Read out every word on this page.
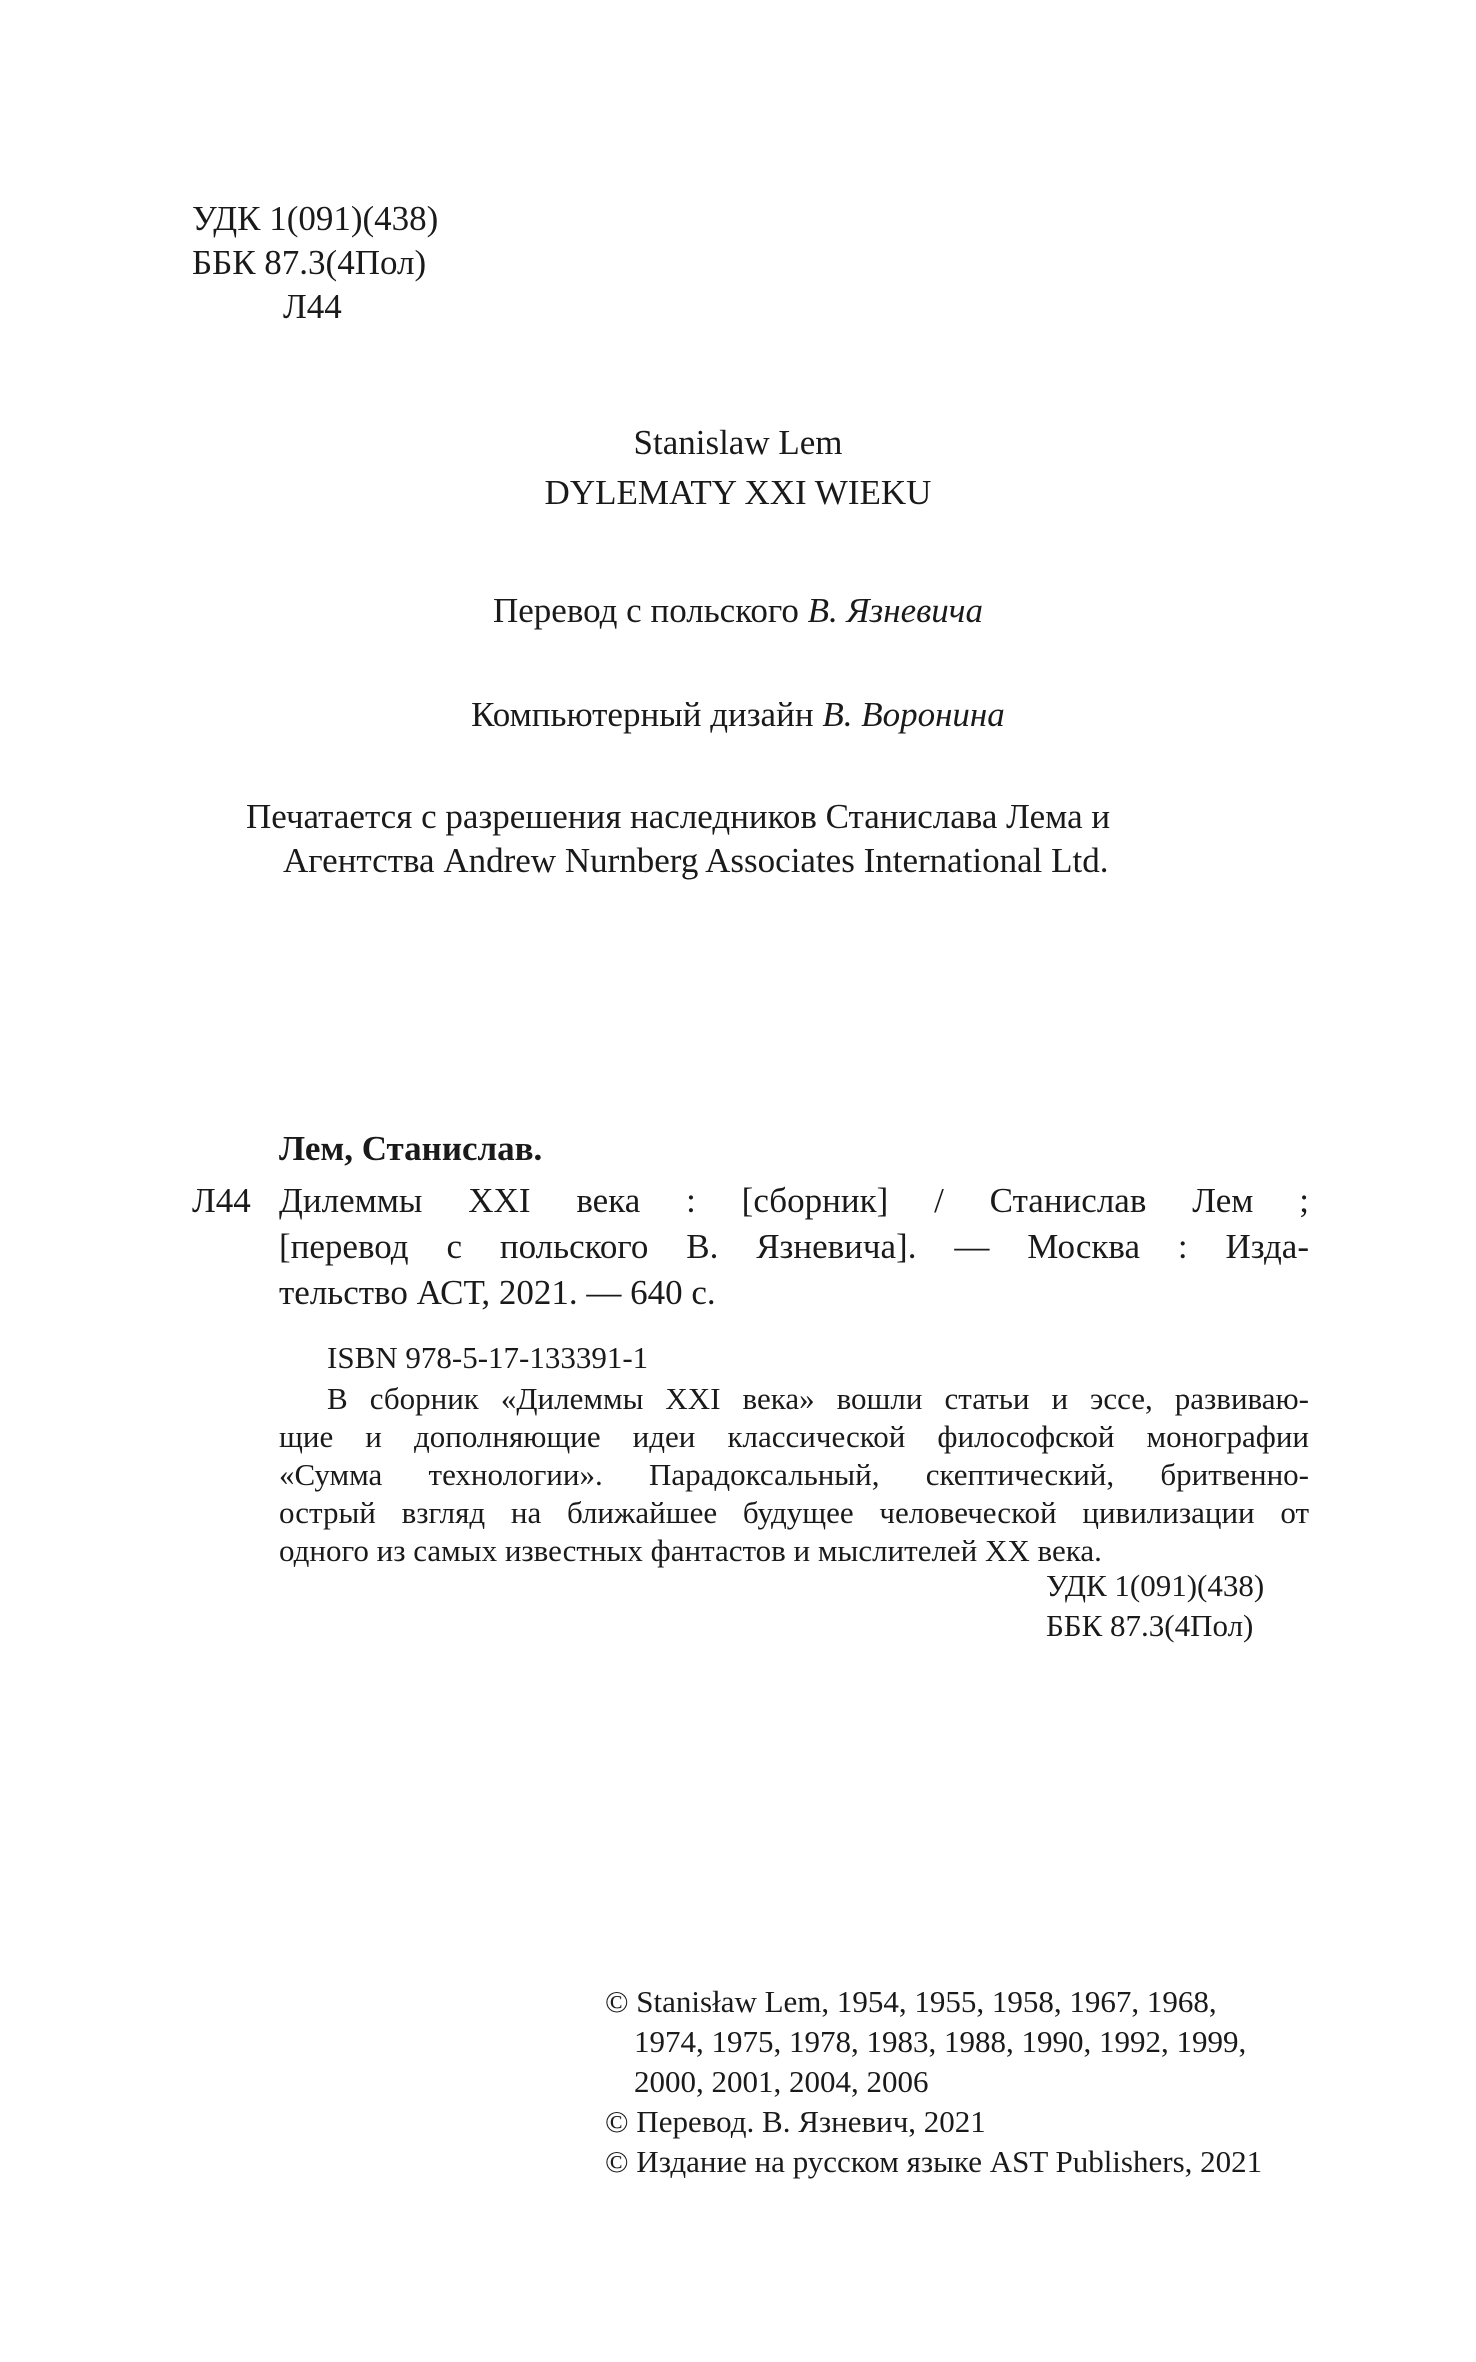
УДК 1(091)(438)
ББК 87.3(4Пол)
Л44
Stanislaw Lem
DYLEMATY XXI WIEKU
Перевод с польского В. Язневича
Компьютерный дизайн В. Воронина
Печатается с разрешения наследников Станислава Лема и
Агентства Andrew Nurnberg Associates International Ltd.
Лем, Станислав.
Л44 Дилеммы XXI века : [сборник] / Станислав Лем ;
[перевод с польского В. Язневича]. — Москва : Изда-
тельство АСТ, 2021. — 640 с.
ISBN 978-5-17-133391-1
В сборник «Дилеммы XXI века» вошли статьи и эссе, развиваю-
щие и дополняющие идеи классической философской монографии
«Сумма технологии». Парадоксальный, скептический, бритвенно-
острый взгляд на ближайшее будущее человеческой цивилизации от
одного из самых известных фантастов и мыслителей XX века.
УДК 1(091)(438)
ББК 87.3(4Пол)
© Stanisław Lem, 1954, 1955, 1958, 1967, 1968,
1974, 1975, 1978, 1983, 1988, 1990, 1992, 1999,
2000, 2001, 2004, 2006
© Перевод. В. Язневич, 2021
© Издание на русском языке AST Publishers, 2021
